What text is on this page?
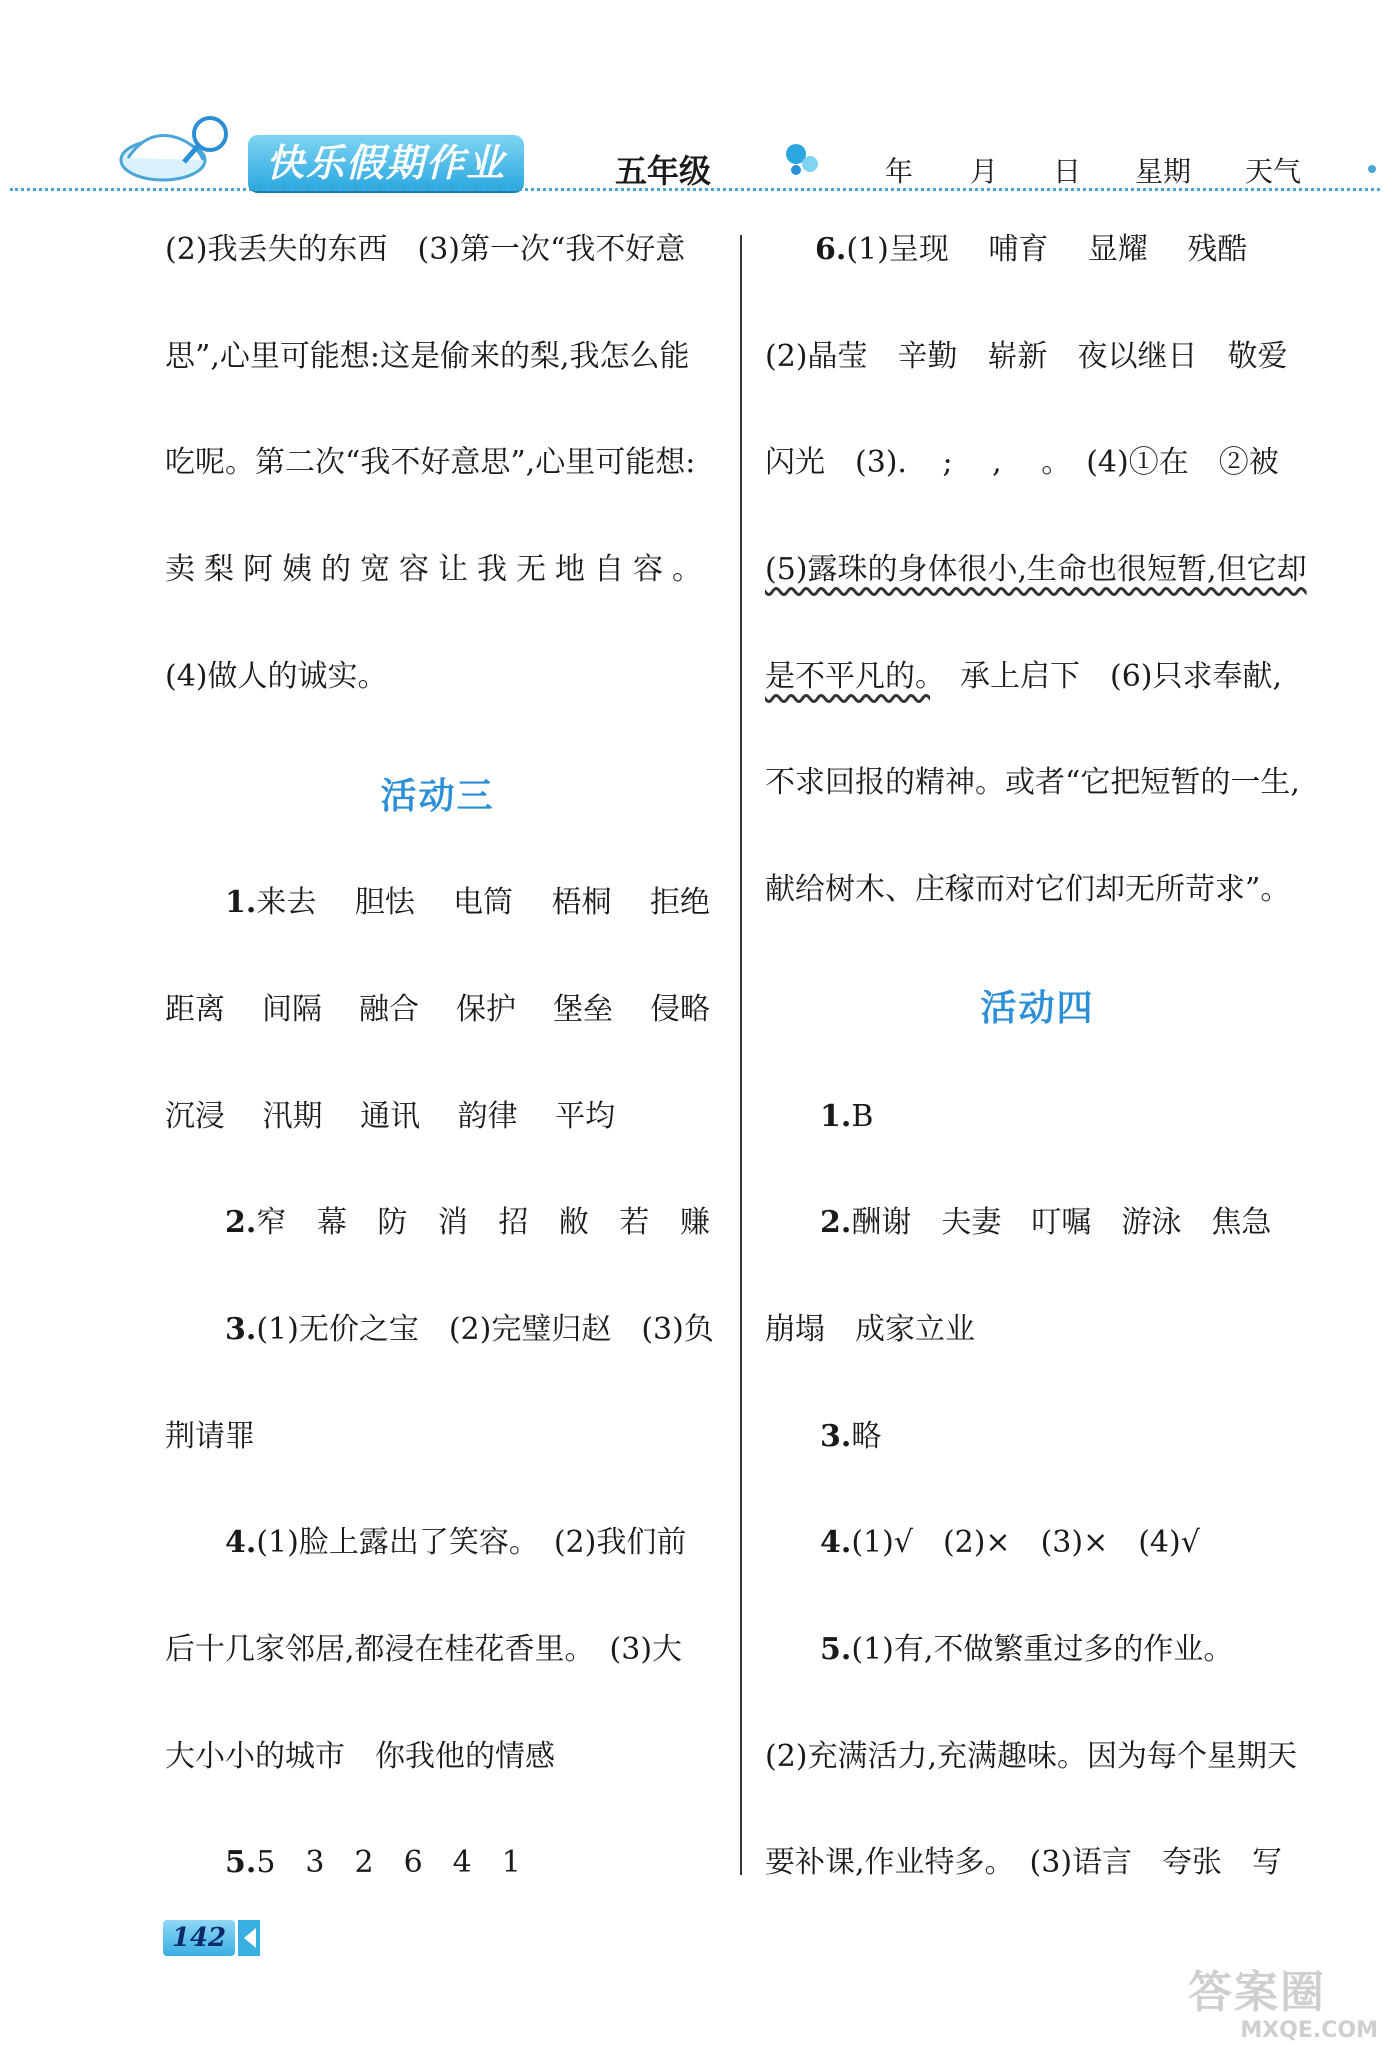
快乐假期作业	五年级	年 月 日 星期 天气
(2)我丢失的东西　(3)第一次“我不好意
思”,心里可能想:这是偷来的梨,我怎么能
吃呢。第二次“我不好意思”,心里可能想:
卖梨阿姨的宽容让我无地自容。
(4)做人的诚实。
活动三
1.来去 胆怯 电筒 梧桐 拒绝
距离 间隔 融合 保护 堡垒 侵略
沉浸 汛期 通讯 韵律 平均
2.窄 幕 防 消 招 敝 若 赚
3.(1)无价之宝　(2)完璧归赵　(3)负
荆请罪
4.(1)脸上露出了笑容。　(2)我们前
后十几家邻居,都浸在桂花香里。　(3)大
大小小的城市　你我他的情感
5.5　3　2　6　4　1
6.(1)呈现　 哺育　 显耀　 残酷
(2)晶莹　辛勤　崭新　夜以继日　敬爱
闪光　(3)．　;　 ,　 。　(4)①在　②被
(5)露珠的身体很小,生命也很短暂,但它却
是不平凡的。　承上启下　(6)只求奉献,
不求回报的精神。或者“它把短暂的一生,
献给树木、庄稼而对它们却无所苛求”。
活动四
1.B
2.酬谢　夫妻　叮嘱　游泳　焦急
崩塌　成家立业
3.略
4.(1)√　(2)×　(3)×　(4)√
5.(1)有,不做繁重过多的作业。
(2)充满活力,充满趣味。因为每个星期天
要补课,作业特多。　(3)语言　夸张　写
142
答案圈
MXQE.COM
